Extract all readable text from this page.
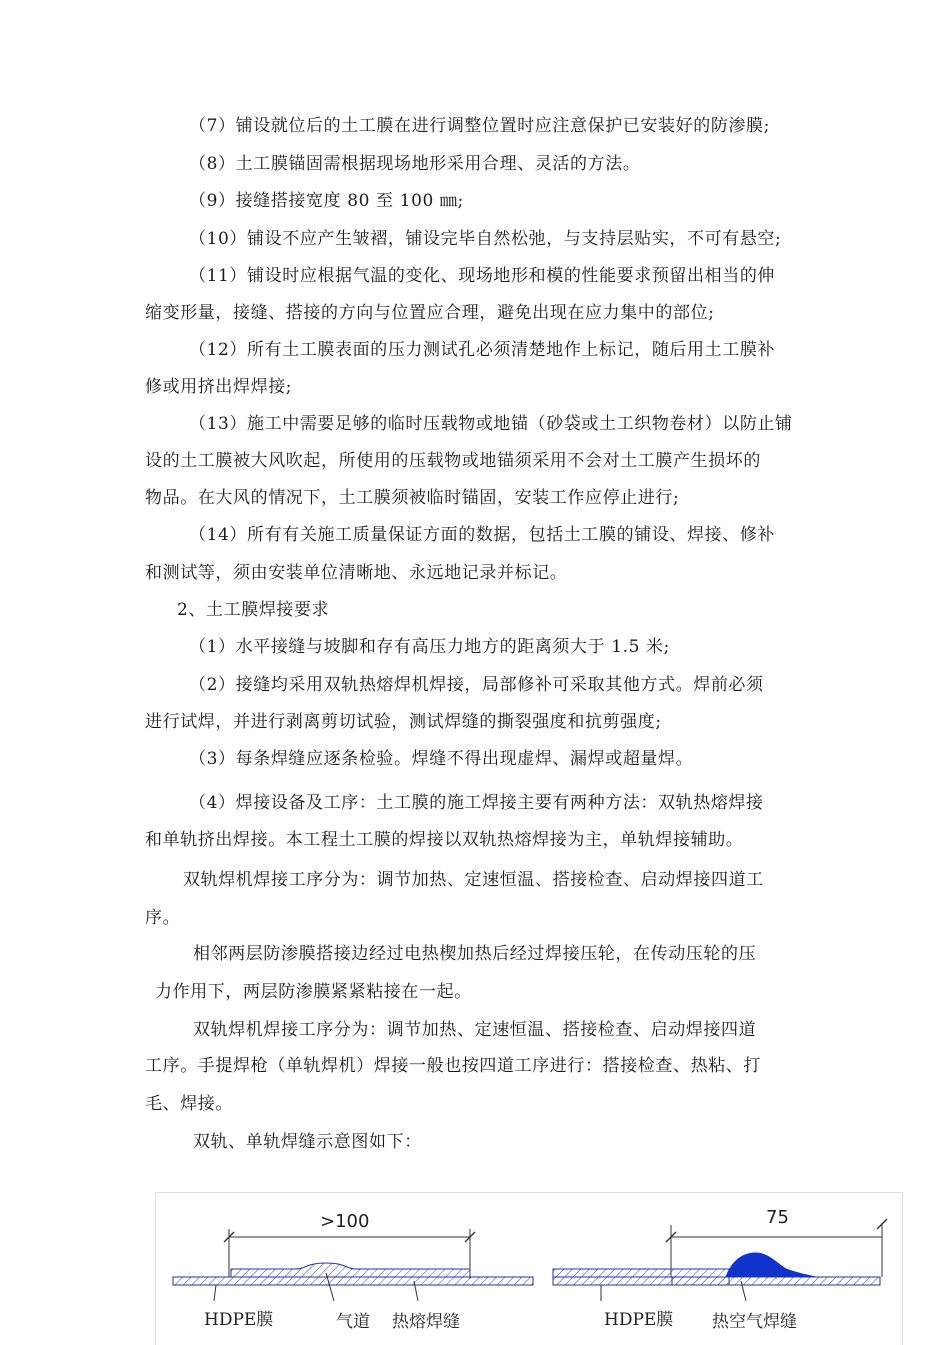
（7）铺设就位后的土工膜在进行调整位置时应注意保护已安装好的防渗膜;
（8）土工膜锚固需根据现场地形采用合理、灵活的方法。
（9）接缝搭接宽度 80 至 100 ㎜;
（10）铺设不应产生皱褶，铺设完毕自然松弛，与支持层贴实，不可有悬空;
（11）铺设时应根据气温的变化、现场地形和模的性能要求预留出相当的伸
缩变形量，接缝、搭接的方向与位置应合理，避免出现在应力集中的部位;
（12）所有土工膜表面的压力测试孔必须清楚地作上标记，随后用土工膜补
修或用挤出焊焊接;
（13）施工中需要足够的临时压载物或地锚（砂袋或土工织物卷材）以防止铺
设的土工膜被大风吹起，所使用的压载物或地锚须采用不会对土工膜产生损坏的
物品。在大风的情况下，土工膜须被临时锚固，安装工作应停止进行;
（14）所有有关施工质量保证方面的数据，包括土工膜的铺设、焊接、修补
和测试等，须由安装单位清晰地、永远地记录并标记。
2、土工膜焊接要求
（1）水平接缝与坡脚和存有高压力地方的距离须大于 1.5 米;
（2）接缝均采用双轨热熔焊机焊接，局部修补可采取其他方式。焊前必须
进行试焊，并进行剥离剪切试验，测试焊缝的撕裂强度和抗剪强度;
（3）每条焊缝应逐条检验。焊缝不得出现虚焊、漏焊或超量焊。
（4）焊接设备及工序：土工膜的施工焊接主要有两种方法：双轨热熔焊接
和单轨挤出焊接。本工程土工膜的焊接以双轨热熔焊接为主，单轨焊接辅助。
双轨焊机焊接工序分为：调节加热、定速恒温、搭接检查、启动焊接四道工
序。
相邻两层防渗膜搭接边经过电热楔加热后经过焊接压轮，在传动压轮的压
力作用下，两层防渗膜紧紧粘接在一起。
双轨焊机焊接工序分为：调节加热、定速恒温、搭接检查、启动焊接四道
工序。手提焊枪（单轨焊机）焊接一般也按四道工序进行：搭接检查、热粘、打
毛、焊接。
双轨、单轨焊缝示意图如下：
>100
HDPE膜	气道 热熔焊缝
75
HDPE膜 热空气焊缝
